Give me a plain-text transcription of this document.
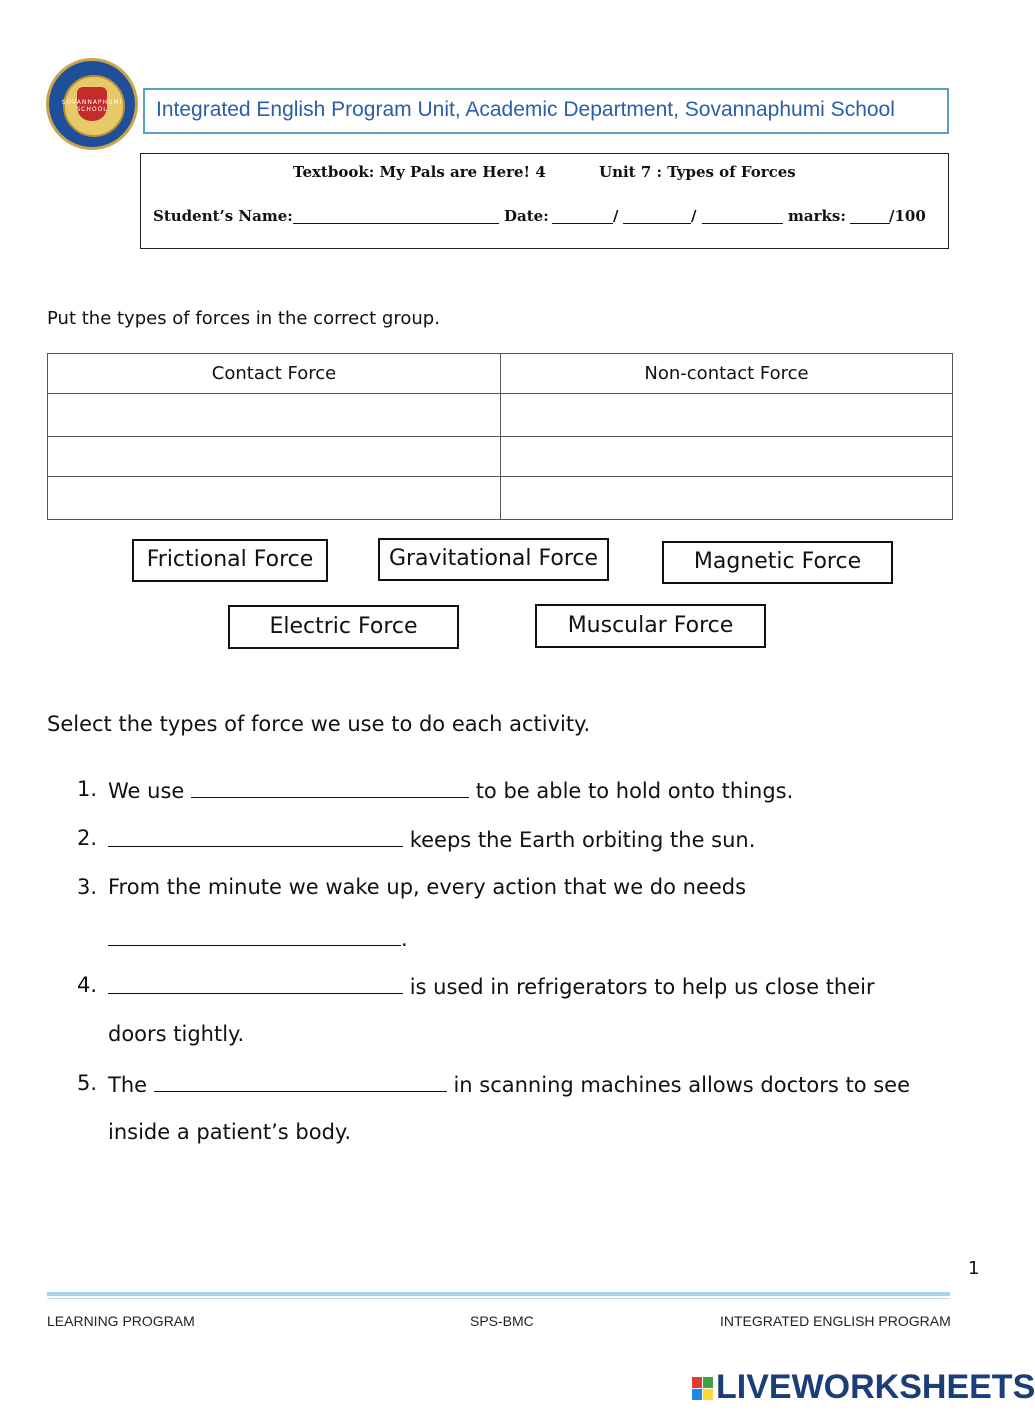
SOVANNAPHUMI SCHOOL	Integrated English Program Unit, Academic Department, Sovannaphumi School
Textbook: My Pals are Here! 4	Unit 7 : Types of Forces
Student’s Name:	Date:	/	/	marks:	/100
Put the types of forces in the correct group.
Contact Force	Non-contact Force

Frictional Force	Gravitational Force	Magnetic Force
Electric Force	Muscular Force
Select the types of force we use to do each activity.
1. We use	to be able to hold onto things.
2.	keeps the Earth orbiting the sun.
3. From the minute we wake up, every action that we do needs
.
4.	is used in refrigerators to help us close their
doors tightly.
5. The	in scanning machines allows doctors to see
inside a patient’s body.
1
LEARNING PROGRAM	SPS-BMC	INTEGRATED ENGLISH PROGRAM
LIVEWORKSHEETS
